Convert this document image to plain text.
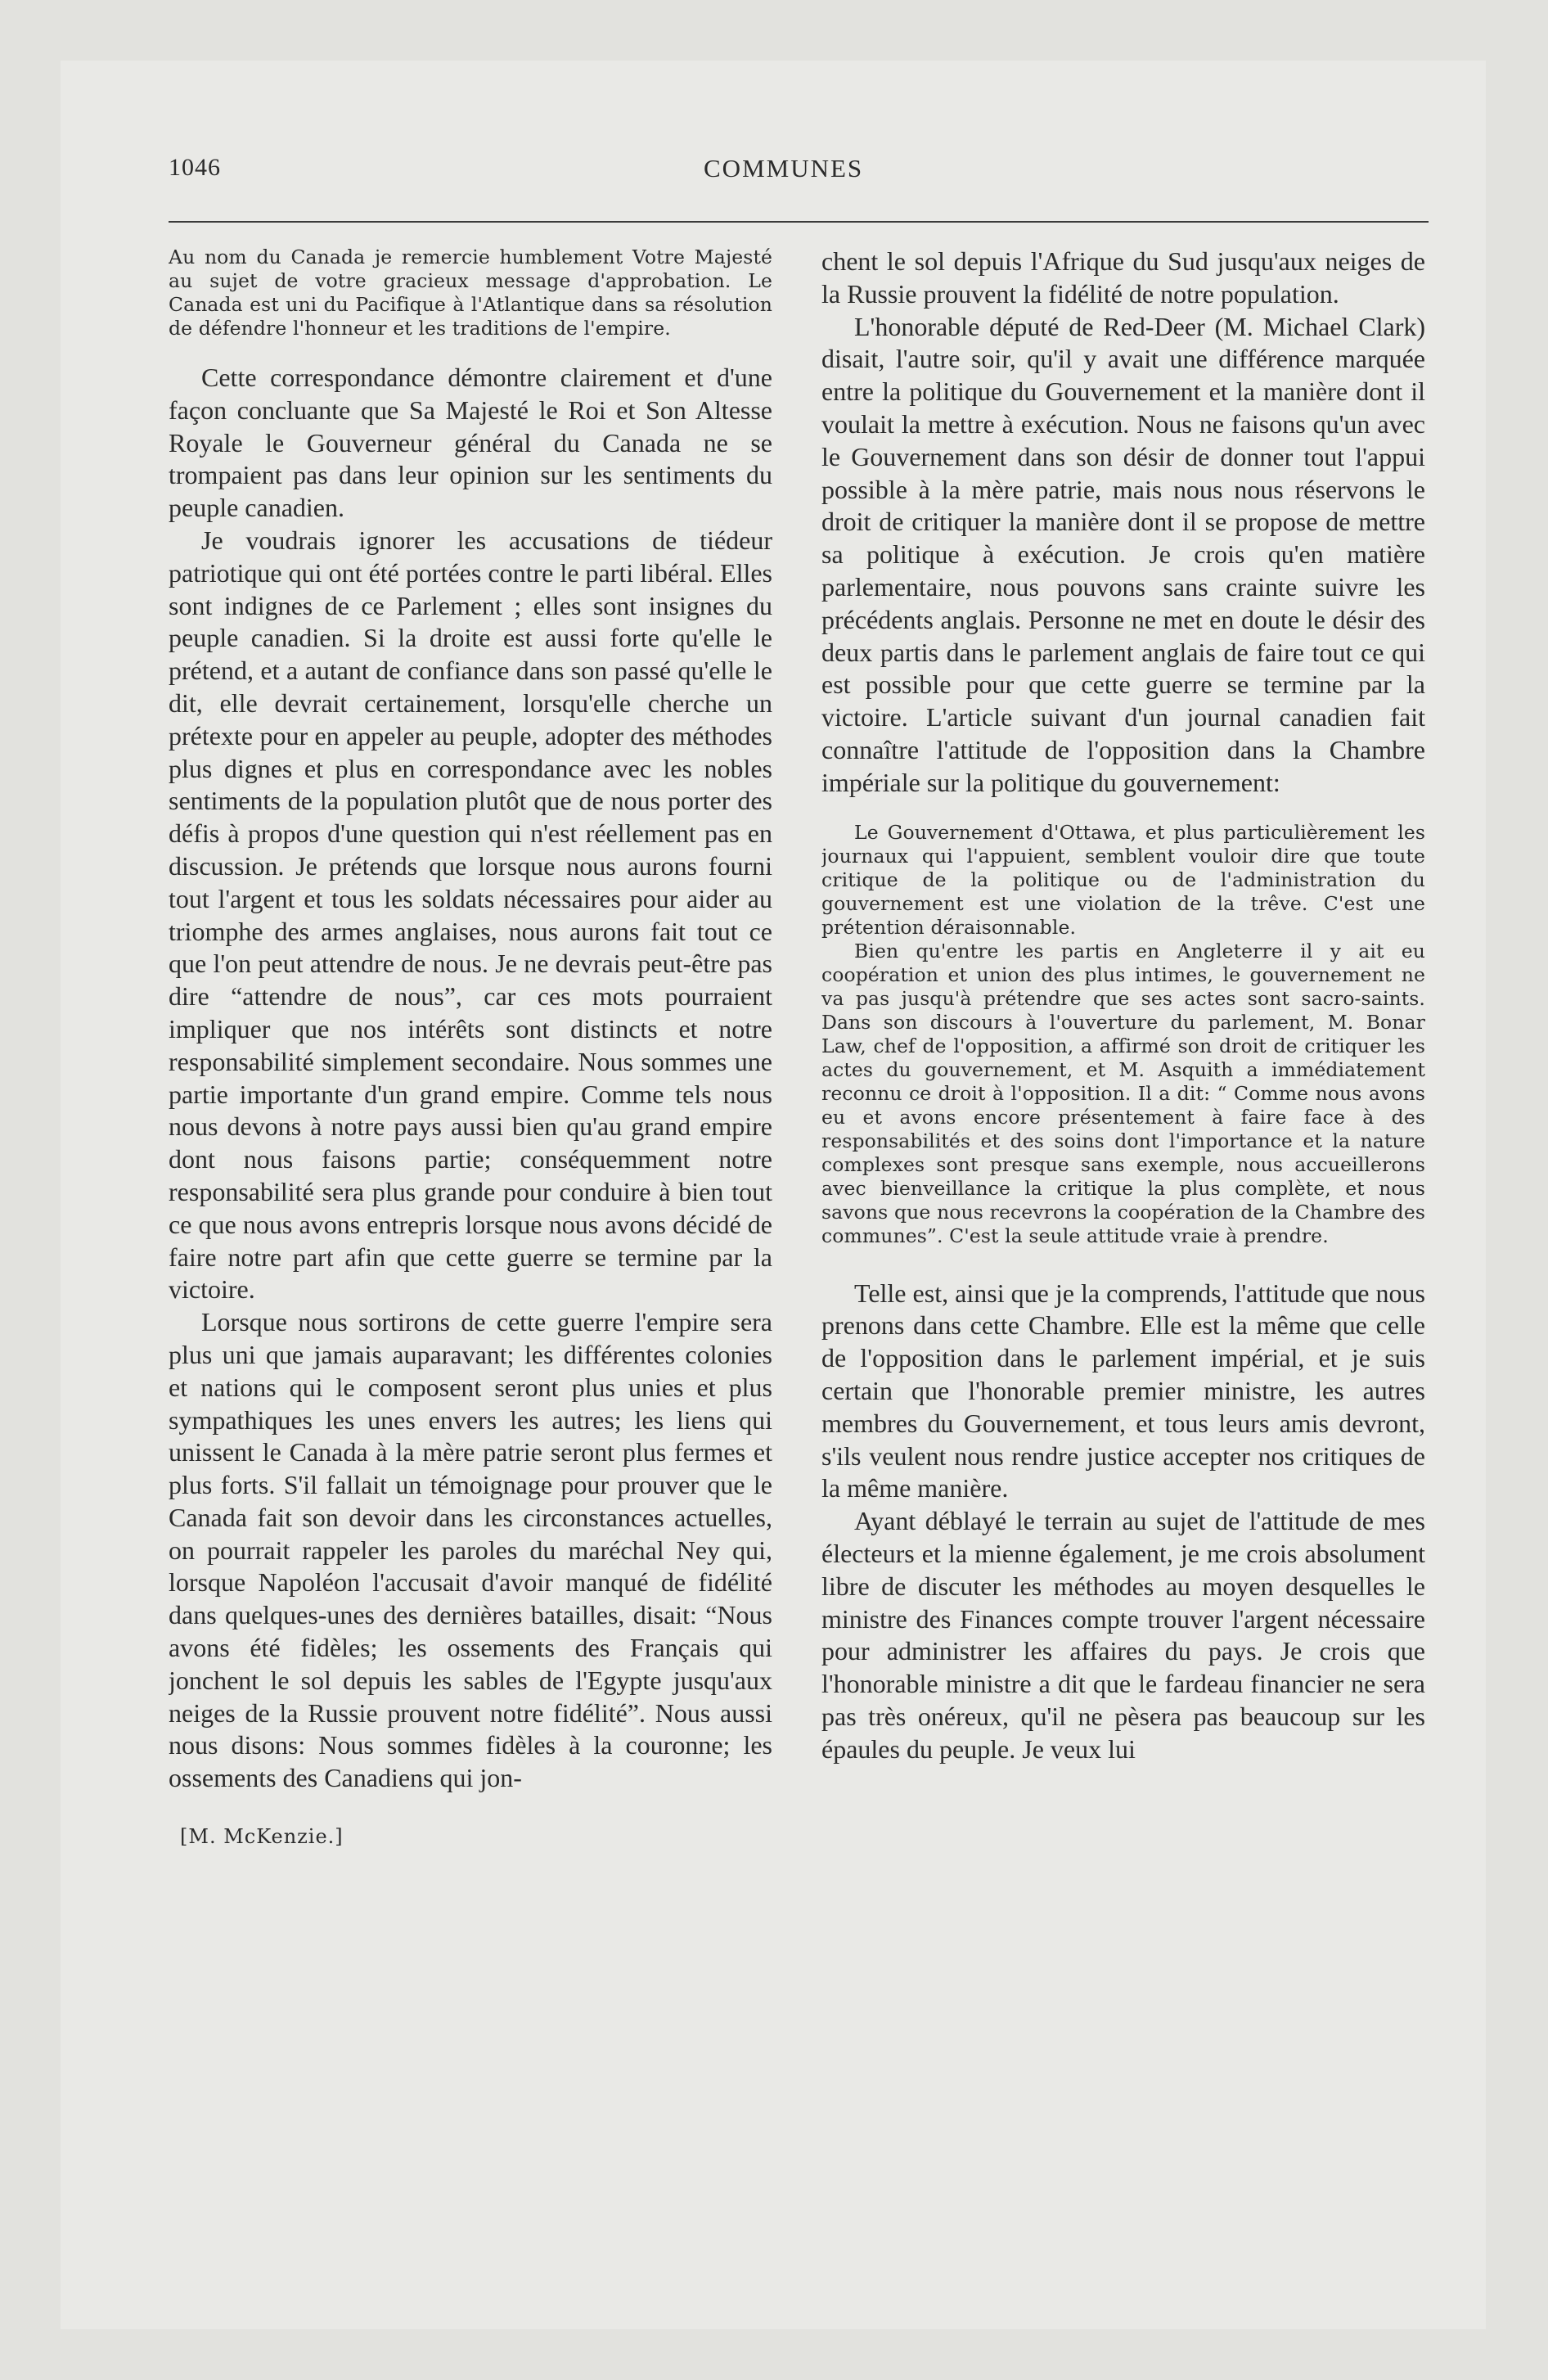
1046	COMMUNES

Au nom du Canada je remercie humblement Votre Majesté au sujet de votre gracieux message d'approbation. Le Canada est uni du Pacifique à l'Atlantique dans sa résolution de défendre l'honneur et les traditions de l'empire.

Cette correspondance démontre clairement et d'une façon concluante que Sa Majesté le Roi et Son Altesse Royale le Gouverneur général du Canada ne se trompaient pas dans leur opinion sur les sentiments du peuple canadien.

Je voudrais ignorer les accusations de tiédeur patriotique qui ont été portées contre le parti libéral. Elles sont indignes de ce Parlement ; elles sont insignes du peuple canadien. Si la droite est aussi forte qu'elle le prétend, et a autant de confiance dans son passé qu'elle le dit, elle devrait certainement, lorsqu'elle cherche un prétexte pour en appeler au peuple, adopter des méthodes plus dignes et plus en correspondance avec les nobles sentiments de la population plutôt que de nous porter des défis à propos d'une question qui n'est réellement pas en discussion. Je prétends que lorsque nous aurons fourni tout l'argent et tous les soldats nécessaires pour aider au triomphe des armes anglaises, nous aurons fait tout ce que l'on peut attendre de nous. Je ne devrais peut-être pas dire “attendre de nous”, car ces mots pourraient impliquer que nos intérêts sont distincts et notre responsabilité simplement secondaire. Nous sommes une partie importante d'un grand empire. Comme tels nous nous devons à notre pays aussi bien qu'au grand empire dont nous faisons partie; conséquemment notre responsabilité sera plus grande pour conduire à bien tout ce que nous avons entrepris lorsque nous avons décidé de faire notre part afin que cette guerre se termine par la victoire.

Lorsque nous sortirons de cette guerre l'empire sera plus uni que jamais auparavant; les différentes colonies et nations qui le composent seront plus unies et plus sympathiques les unes envers les autres; les liens qui unissent le Canada à la mère patrie seront plus fermes et plus forts. S'il fallait un témoignage pour prouver que le Canada fait son devoir dans les circonstances actuelles, on pourrait rappeler les paroles du maréchal Ney qui, lorsque Napoléon l'accusait d'avoir manqué de fidélité dans quelques-unes des dernières batailles, disait: “Nous avons été fidèles; les ossements des Français qui jonchent le sol depuis les sables de l'Egypte jusqu'aux neiges de la Russie prouvent notre fidélité”. Nous aussi nous disons: Nous sommes fidèles à la couronne; les ossements des Canadiens qui jon-

[M. McKenzie.]

chent le sol depuis l'Afrique du Sud jusqu'aux neiges de la Russie prouvent la fidélité de notre population.

L'honorable député de Red-Deer (M. Michael Clark) disait, l'autre soir, qu'il y avait une différence marquée entre la politique du Gouvernement et la manière dont il voulait la mettre à exécution. Nous ne faisons qu'un avec le Gouvernement dans son désir de donner tout l'appui possible à la mère patrie, mais nous nous réservons le droit de critiquer la manière dont il se propose de mettre sa politique à exécution. Je crois qu'en matière parlementaire, nous pouvons sans crainte suivre les précédents anglais. Personne ne met en doute le désir des deux partis dans le parlement anglais de faire tout ce qui est possible pour que cette guerre se termine par la victoire. L'article suivant d'un journal canadien fait connaître l'attitude de l'opposition dans la Chambre impériale sur la politique du gouvernement:

Le Gouvernement d'Ottawa, et plus particulièrement les journaux qui l'appuient, semblent vouloir dire que toute critique de la politique ou de l'administration du gouvernement est une violation de la trêve. C'est une prétention déraisonnable.

Bien qu'entre les partis en Angleterre il y ait eu coopération et union des plus intimes, le gouvernement ne va pas jusqu'à prétendre que ses actes sont sacro-saints. Dans son discours à l'ouverture du parlement, M. Bonar Law, chef de l'opposition, a affirmé son droit de critiquer les actes du gouvernement, et M. Asquith a immédiatement reconnu ce droit à l'opposition. Il a dit: “ Comme nous avons eu et avons encore présentement à faire face à des responsabilités et des soins dont l'importance et la nature complexes sont presque sans exemple, nous accueillerons avec bienveillance la critique la plus complète, et nous savons que nous recevrons la coopération de la Chambre des communes”. C'est la seule attitude vraie à prendre.

Telle est, ainsi que je la comprends, l'attitude que nous prenons dans cette Chambre. Elle est la même que celle de l'opposition dans le parlement impérial, et je suis certain que l'honorable premier ministre, les autres membres du Gouvernement, et tous leurs amis devront, s'ils veulent nous rendre justice accepter nos critiques de la même manière.

Ayant déblayé le terrain au sujet de l'attitude de mes électeurs et la mienne également, je me crois absolument libre de discuter les méthodes au moyen desquelles le ministre des Finances compte trouver l'argent nécessaire pour administrer les affaires du pays. Je crois que l'honorable ministre a dit que le fardeau financier ne sera pas très onéreux, qu'il ne pèsera pas beaucoup sur les épaules du peuple. Je veux lui
